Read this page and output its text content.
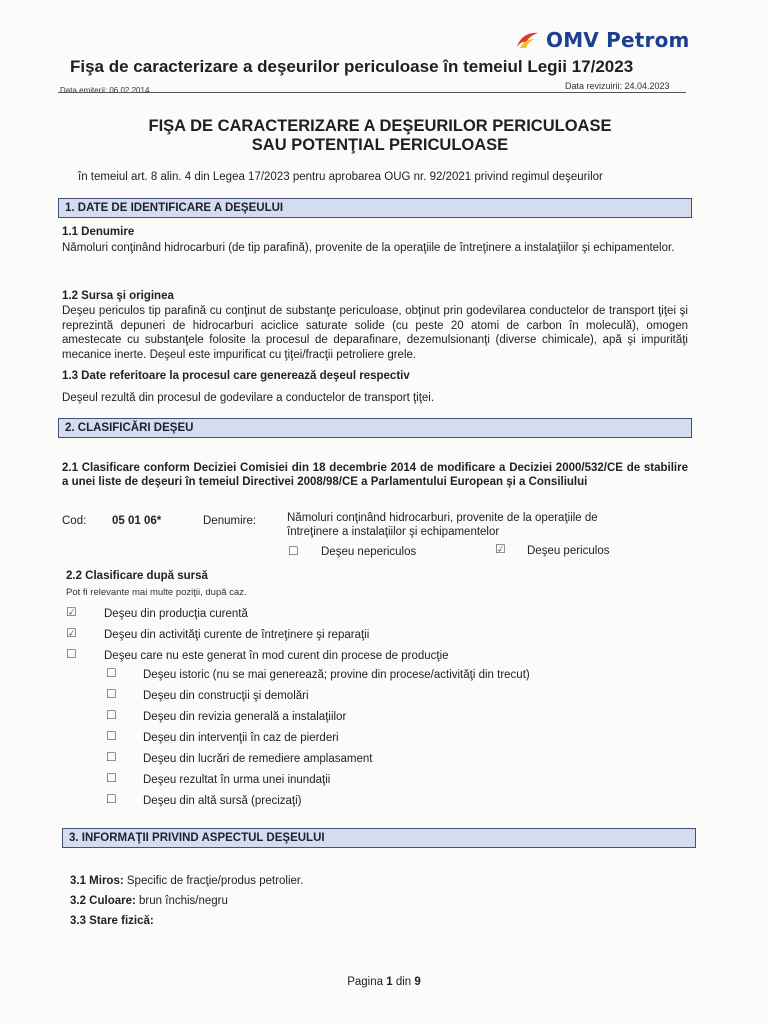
OMV Petrom
Fişa de caracterizare a deşeurilor periculoase în temeiul Legii 17/2023
Data emiterii: 06.02.2014	Data revizuirii: 24.04.2023
FIŞA DE CARACTERIZARE A DEŞEURILOR PERICULOASE
SAU POTENŢIAL PERICULOASE
în temeiul art. 8 alin. 4 din Legea 17/2023 pentru aprobarea OUG nr. 92/2021 privind regimul deşeurilor
1. DATE DE IDENTIFICARE A DEŞEULUI
1.1 Denumire
Nămoluri conţinând hidrocarburi (de tip parafină), provenite de la operaţiile de întreţinere a instalaţiilor şi echipamentelor.
1.2 Sursa şi originea
Deşeu periculos tip parafină cu conţinut de substanţe periculoase, obţinut prin godevilarea conductelor de transport ţiţei şi reprezintă depuneri de hidrocarburi aciclice saturate solide (cu peste 20 atomi de carbon în moleculă), omogen amestecate cu substanţele folosite la procesul de deparafinare, dezemulsionanţi (diverse chimicale), apă şi impurităţi mecanice inerte. Deşeul este impurificat cu ţiţei/fracţii petroliere grele.
1.3 Date referitoare la procesul care generează deşeul respectiv
Deşeul rezultă din procesul de godevilare a conductelor de transport ţiţei.
2. CLASIFICĂRI DEŞEU
2.1 Clasificare conform Deciziei Comisiei din 18 decembrie 2014 de modificare a Deciziei 2000/532/CE de stabilire a unei liste de deşeuri în temeiul Directivei 2008/98/CE a Parlamentului European şi a Consiliului
Cod: 05 01 06*	Denumire:	Nămoluri conţinând hidrocarburi, provenite de la operaţiile de întreţinere a instalaţiilor şi echipamentelor
☐ Deşeu nepericulos	☑ Deşeu periculos
2.2 Clasificare după sursă
Pot fi relevante mai multe poziţii, după caz.
☑ Deşeu din producţia curentă
☑ Deşeu din activităţi curente de întreţinere şi reparaţii
☐ Deşeu care nu este generat în mod curent din procese de producţie
☐ Deşeu istoric (nu se mai generează; provine din procese/activităţi din trecut)
☐ Deşeu din construcţii şi demolări
☐ Deşeu din revizia generală a instalaţiilor
☐ Deşeu din intervenţii în caz de pierderi
☐ Deşeu din lucrări de remediere amplasament
☐ Deşeu rezultat în urma unei inundaţii
☐ Deşeu din altă sursă (precizaţi)
3. INFORMAŢII PRIVIND ASPECTUL DEŞEULUI
3.1 Miros: Specific de fracţie/produs petrolier.
3.2 Culoare: brun închis/negru
3.3 Stare fizică:
Pagina 1 din 9
